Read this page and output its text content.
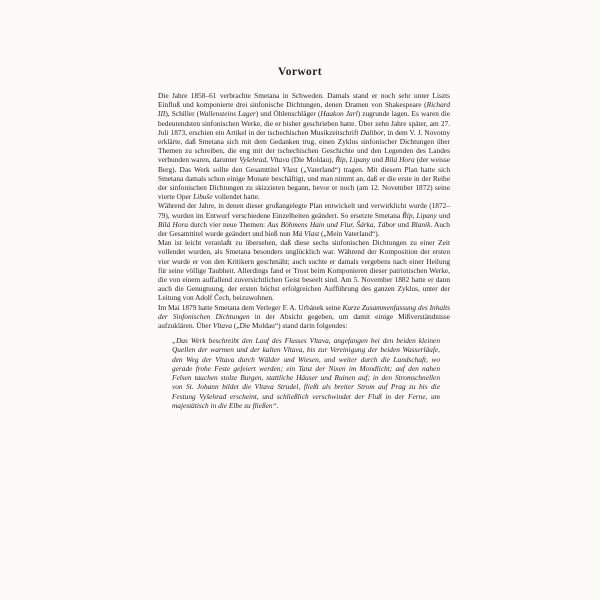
Vorwort

Die Jahre 1858–61 verbrachte Smetana in Schweden. Damals stand er noch sehr unter Liszts Einfluß und komponierte drei sinfonische Dichtungen, denen Dramen von Shakespeare (Richard III), Schiller (Wallensteins Lager) und Öhlenschläger (Haakon Jarl) zugrunde lagen. Es waren die bedeutendsten sinfonischen Werke, die er bisher geschrieben hatte. Über zehn Jahre später, am 27. Juli 1873, erschien ein Artikel in der tschechischen Musikzeitschrift Dalibor, in dem V. J. Novotny erklärte, daß Smetana sich mit dem Gedanken trug, einen Zyklus sinfonischer Dichtungen über Themen zu schreiben, die eng mit der tschechischen Geschichte und den Legenden des Landes verbunden waren, darunter Vyšehrad, Vltava (Die Moldau), Říp, Lipany und Bílá Hora (der weisse Berg). Das Werk sollte den Gesamttitel Vlast („Vaterland“) tragen. Mit diesem Plan hatte sich Smetana damals schon einige Monate beschäftigt, und man nimmt an, daß er die erste in der Reihe der sinfonischen Dichtungen zu skizzieren begann, bevor er noch (am 12. November 1872) seine vierte Oper Libuše vollendet hatte.

Während der Jahre, in denen dieser großangelegte Plan entwickelt und verwirklicht wurde (1872–79), wurden im Entwurf verschiedene Einzelheiten geändert. So ersetzte Smetana Říp, Lipany und Bílá Hora durch vier neue Themen: Aus Böhmens Hain und Flur, Šárka, Tábor und Blaník. Auch der Gesamttitel wurde geändert und hieß nun Má Vlast („Mein Vaterland“).

Man ist leicht veranlaßt zu übersehen, daß diese sechs sinfonischen Dichtungen zu einer Zeit vollendet wurden, als Smetana besonders unglücklich war. Während der Komposition der ersten vier wurde er von den Kritikern geschmäht; auch suchte er damals vergebens nach einer Heilung für seine völlige Taubheit. Allerdings fand er Trost beim Komponieren dieser patriotischen Werke, die von einem auffallend zuversichtlichen Geist beseelt sind. Am 5. November 1882 hatte er dann auch die Genugtuung, der ersten höchst erfolgreichen Aufführung des ganzen Zyklus, unter der Leitung von Adolf Čech, beizuwohnen.

Im Mai 1879 hatte Smetana dem Verleger F. A. Urbánek seine Kurze Zusammenfassung des Inhalts der Sinfonischen Dichtungen in der Absicht gegeben, um damit einige Mißverständnisse aufzuklären. Über Vltava („Die Moldau“) stand darin folgendes:

„Das Werk beschreibt den Lauf des Flusses Vltava, angefangen bei den beiden kleinen Quellen der warmen und der kalten Vltava, bis zur Vereinigung der beiden Wasserläufe, den Weg der Vltava durch Wälder und Wiesen, und weiter durch die Landschaft, wo gerade frohe Feste gefeiert werden; ein Tanz der Nixen im Mondlicht; auf den nahen Felsen tauchen stolze Burgen, stattliche Häuser und Ruinen auf; in den Stromschnellen von St. Johann bildet die Vltava Strudel, fließt als breiter Strom auf Prag zu bis die Festung Vyšehrad erscheint, und schließlich verschwindet der Fluß in der Ferne, um majestätisch in die Elbe zu fließen“.
